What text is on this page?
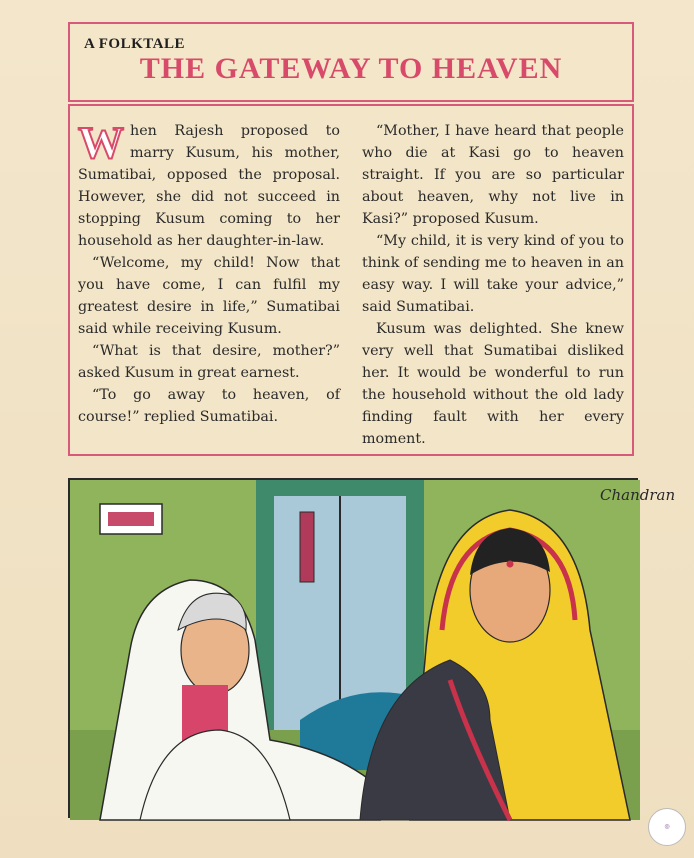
A FOLKTALE
THE GATEWAY TO HEAVEN

When Rajesh proposed to marry Kusum, his mother, Sumatibai, opposed the proposal. However, she did not succeed in stopping Kusum coming to her household as her daughter-in-law.

“Welcome, my child! Now that you have come, I can fulfil my greatest desire in life,” Sumatibai said while receiving Kusum.

“What is that desire, mother?” asked Kusum in great earnest.

“To go away to heaven, of course!” replied Sumatibai.

“Mother, I have heard that people who die at Kasi go to heaven straight. If you are so particular about heaven, why not live in Kasi?” proposed Kusum.

“My child, it is very kind of you to think of sending me to heaven in an easy way. I will take your advice,” said Sumatibai.

Kusum was delighted. She knew very well that Sumatibai disliked her. It would be wonderful to run the household without the old lady finding fault with her every moment.

Chandran
◎
